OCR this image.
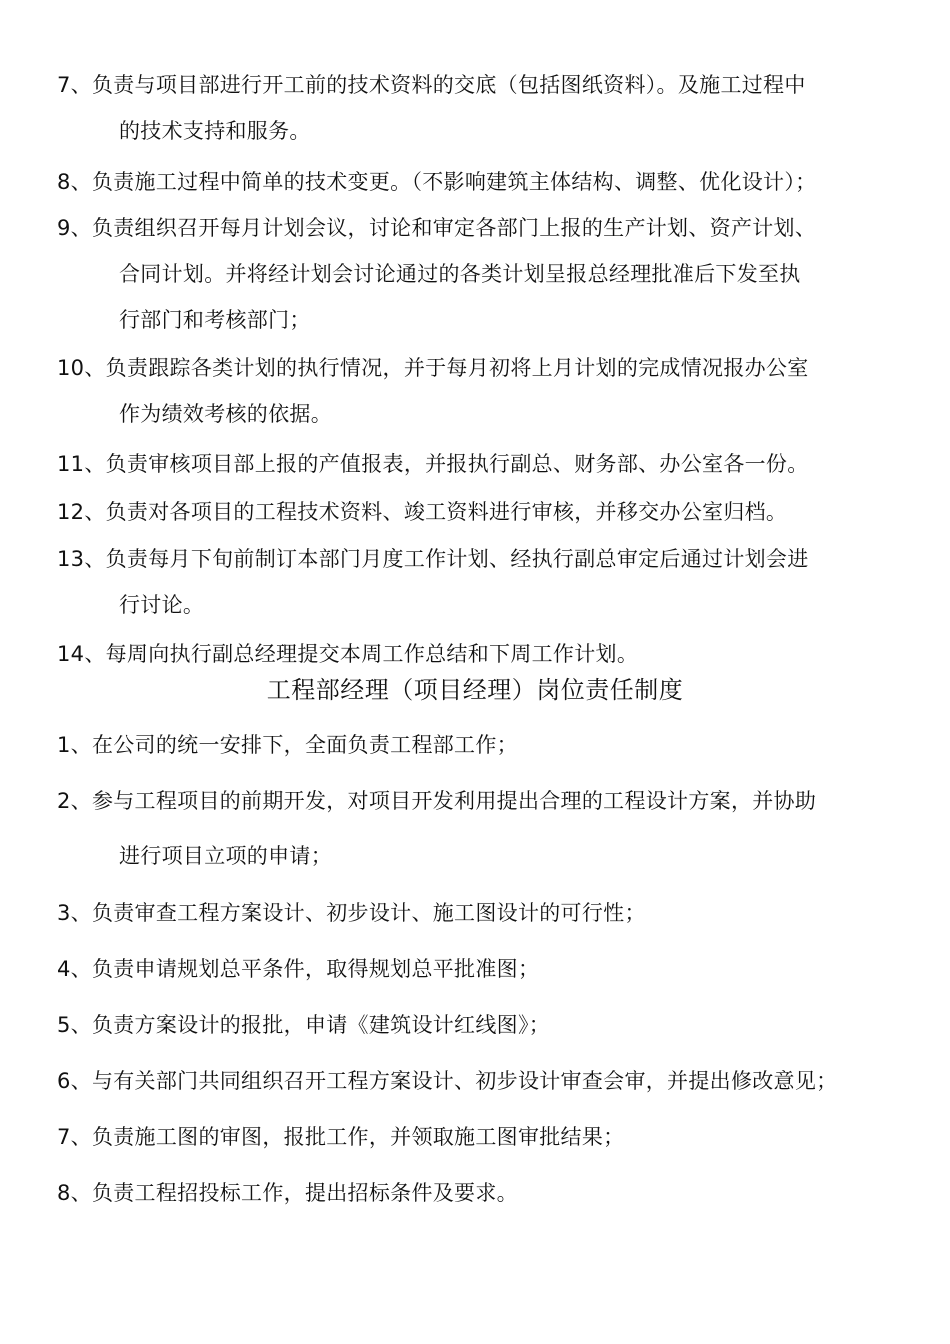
7、负责与项目部进行开工前的技术资料的交底（包括图纸资料）。及施工过程中
的技术支持和服务。
8、负责施工过程中简单的技术变更。（不影响建筑主体结构、调整、优化设计）；
9、负责组织召开每月计划会议，讨论和审定各部门上报的生产计划、资产计划、
合同计划。并将经计划会讨论通过的各类计划呈报总经理批准后下发至执
行部门和考核部门；
10、负责跟踪各类计划的执行情况，并于每月初将上月计划的完成情况报办公室
作为绩效考核的依据。
11、负责审核项目部上报的产值报表，并报执行副总、财务部、办公室各一份。
12、负责对各项目的工程技术资料、竣工资料进行审核，并移交办公室归档。
13、负责每月下旬前制订本部门月度工作计划、经执行副总审定后通过计划会进
行讨论。
14、每周向执行副总经理提交本周工作总结和下周工作计划。
工程部经理（项目经理）岗位责任制度
1、在公司的统一安排下，全面负责工程部工作；
2、参与工程项目的前期开发，对项目开发利用提出合理的工程设计方案，并协助
进行项目立项的申请；
3、负责审查工程方案设计、初步设计、施工图设计的可行性；
4、负责申请规划总平条件，取得规划总平批准图；
5、负责方案设计的报批，申请《建筑设计红线图》；
6、与有关部门共同组织召开工程方案设计、初步设计审查会审，并提出修改意见；
7、负责施工图的审图，报批工作，并领取施工图审批结果；
8、负责工程招投标工作，提出招标条件及要求。
